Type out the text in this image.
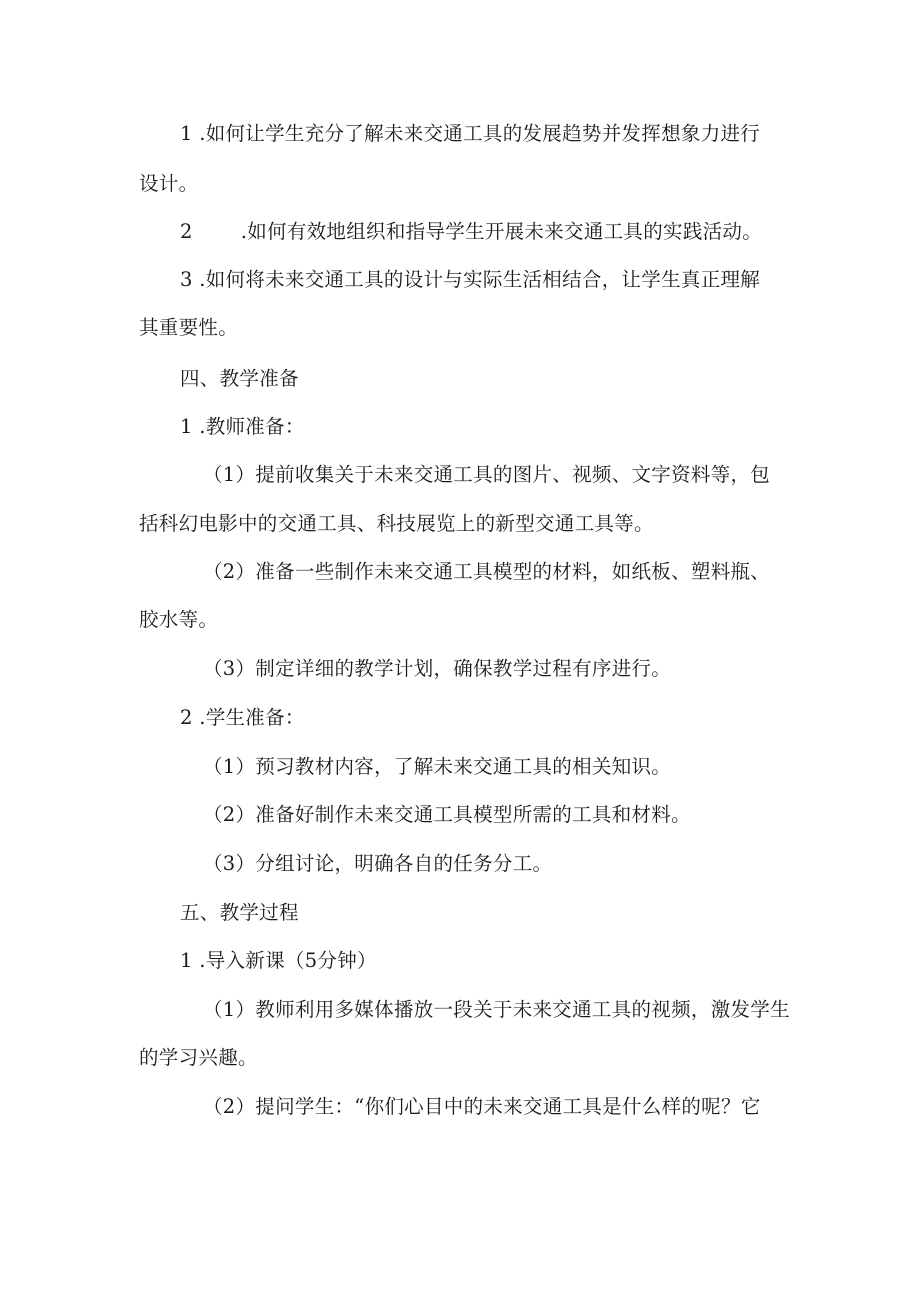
1 .如何让学生充分了解未来交通工具的发展趋势并发挥想象力进行
设计。
2 .如何有效地组织和指导学生开展未来交通工具的实践活动。
3 .如何将未来交通工具的设计与实际生活相结合，让学生真正理解
其重要性。
四、教学准备
1 .教师准备：
（1）提前收集关于未来交通工具的图片、视频、文字资料等，包
括科幻电影中的交通工具、科技展览上的新型交通工具等。
（2）准备一些制作未来交通工具模型的材料，如纸板、塑料瓶、
胶水等。
（3）制定详细的教学计划，确保教学过程有序进行。
2 .学生准备：
（1）预习教材内容，了解未来交通工具的相关知识。
（2）准备好制作未来交通工具模型所需的工具和材料。
（3）分组讨论，明确各自的任务分工。
五、教学过程
1 .导入新课（5分钟）
（1）教师利用多媒体播放一段关于未来交通工具的视频，激发学生
的学习兴趣。
（2）提问学生：“你们心目中的未来交通工具是什么样的呢？它
